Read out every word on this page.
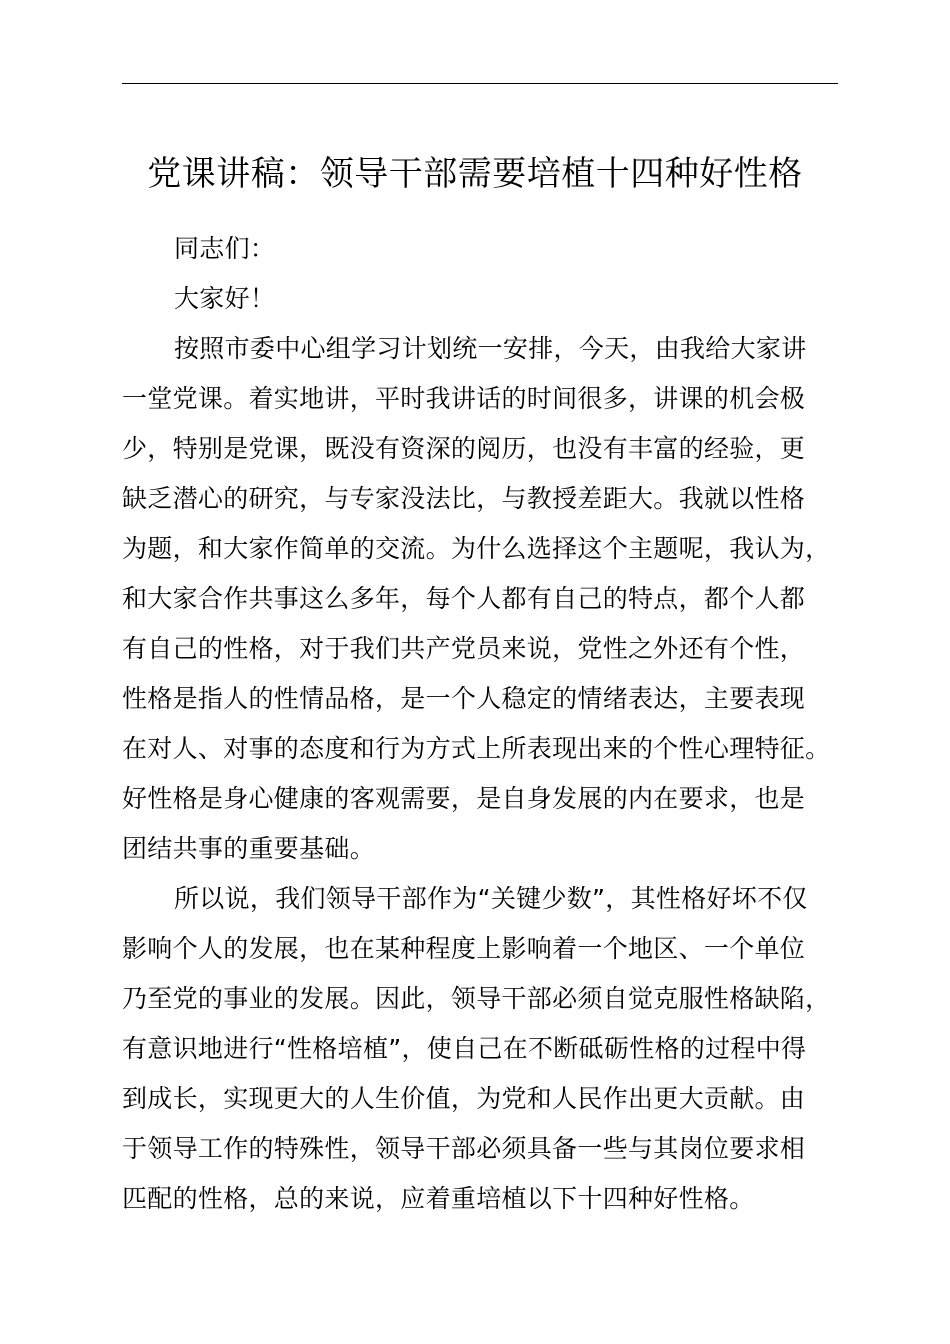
党课讲稿：领导干部需要培植十四种好性格
同志们：
大家好！
按照市委中心组学习计划统一安排，今天，由我给大家讲
一堂党课。着实地讲，平时我讲话的时间很多，讲课的机会极
少，特别是党课，既没有资深的阅历，也没有丰富的经验，更
缺乏潜心的研究，与专家没法比，与教授差距大。我就以性格
为题，和大家作简单的交流。为什么选择这个主题呢，我认为，
和大家合作共事这么多年，每个人都有自己的特点，都个人都
有自己的性格，对于我们共产党员来说，党性之外还有个性，
性格是指人的性情品格，是一个人稳定的情绪表达，主要表现
在对人、对事的态度和行为方式上所表现出来的个性心理特征。
好性格是身心健康的客观需要，是自身发展的内在要求，也是
团结共事的重要基础。
所以说，我们领导干部作为“关键少数”，其性格好坏不仅
影响个人的发展，也在某种程度上影响着一个地区、一个单位
乃至党的事业的发展。因此，领导干部必须自觉克服性格缺陷，
有意识地进行“性格培植”，使自己在不断砥砺性格的过程中得
到成长，实现更大的人生价值，为党和人民作出更大贡献。由
于领导工作的特殊性，领导干部必须具备一些与其岗位要求相
匹配的性格，总的来说，应着重培植以下十四种好性格。
